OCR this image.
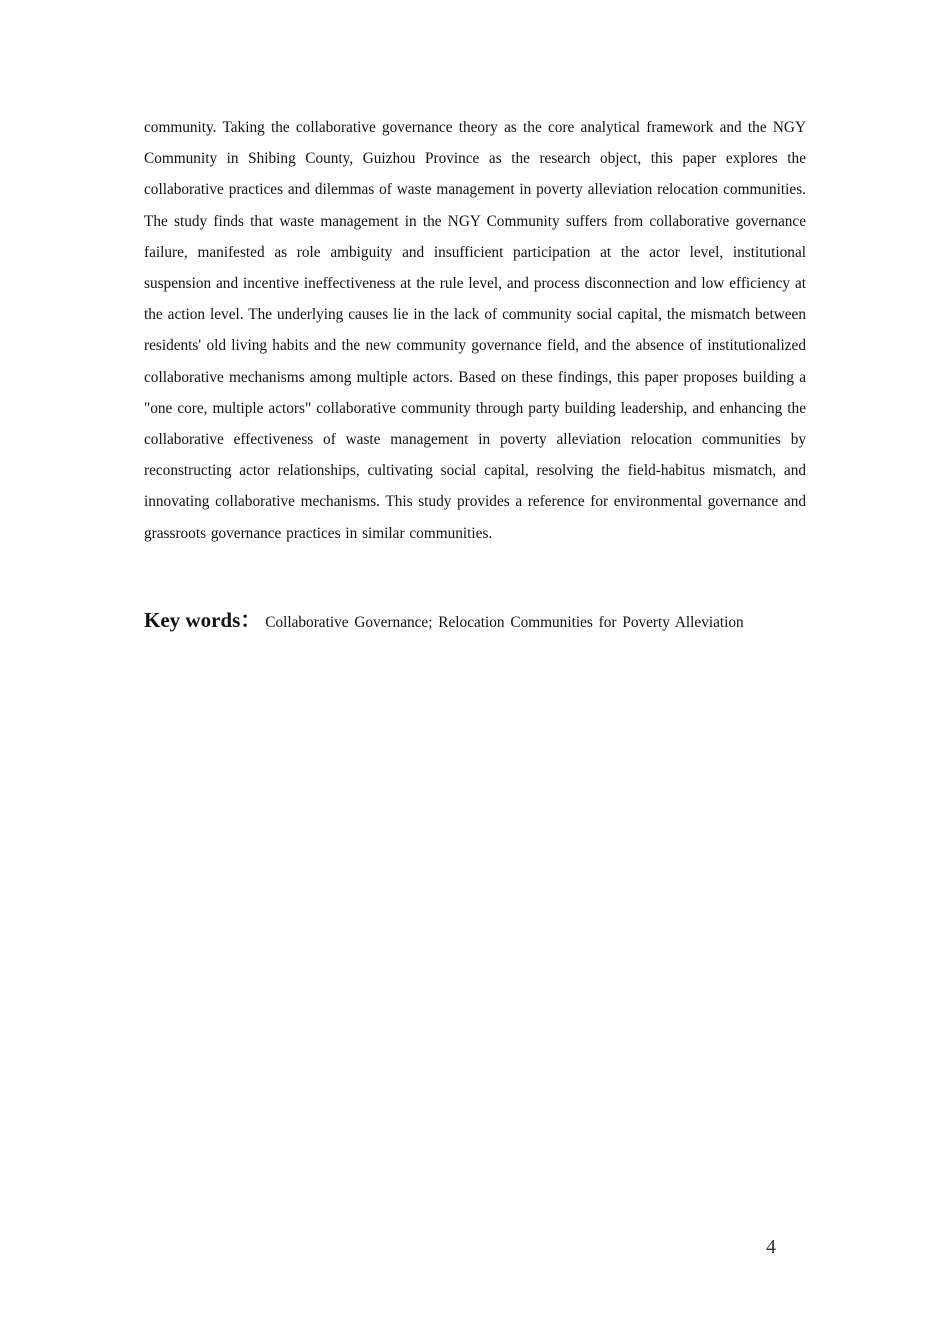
community. Taking the collaborative governance theory as the core analytical framework and the NGY Community in Shibing County, Guizhou Province as the research object, this paper explores the collaborative practices and dilemmas of waste management in poverty alleviation relocation communities. The study finds that waste management in the NGY Community suffers from collaborative governance failure, manifested as role ambiguity and insufficient participation at the actor level, institutional suspension and incentive ineffectiveness at the rule level, and process disconnection and low efficiency at the action level. The underlying causes lie in the lack of community social capital, the mismatch between residents' old living habits and the new community governance field, and the absence of institutionalized collaborative mechanisms among multiple actors. Based on these findings, this paper proposes building a "one core, multiple actors" collaborative community through party building leadership, and enhancing the collaborative effectiveness of waste management in poverty alleviation relocation communities by reconstructing actor relationships, cultivating social capital, resolving the field-habitus mismatch, and innovating collaborative mechanisms. This study provides a reference for environmental governance and grassroots governance practices in similar communities.

Key words： Collaborative Governance; Relocation Communities for Poverty Alleviation

4
